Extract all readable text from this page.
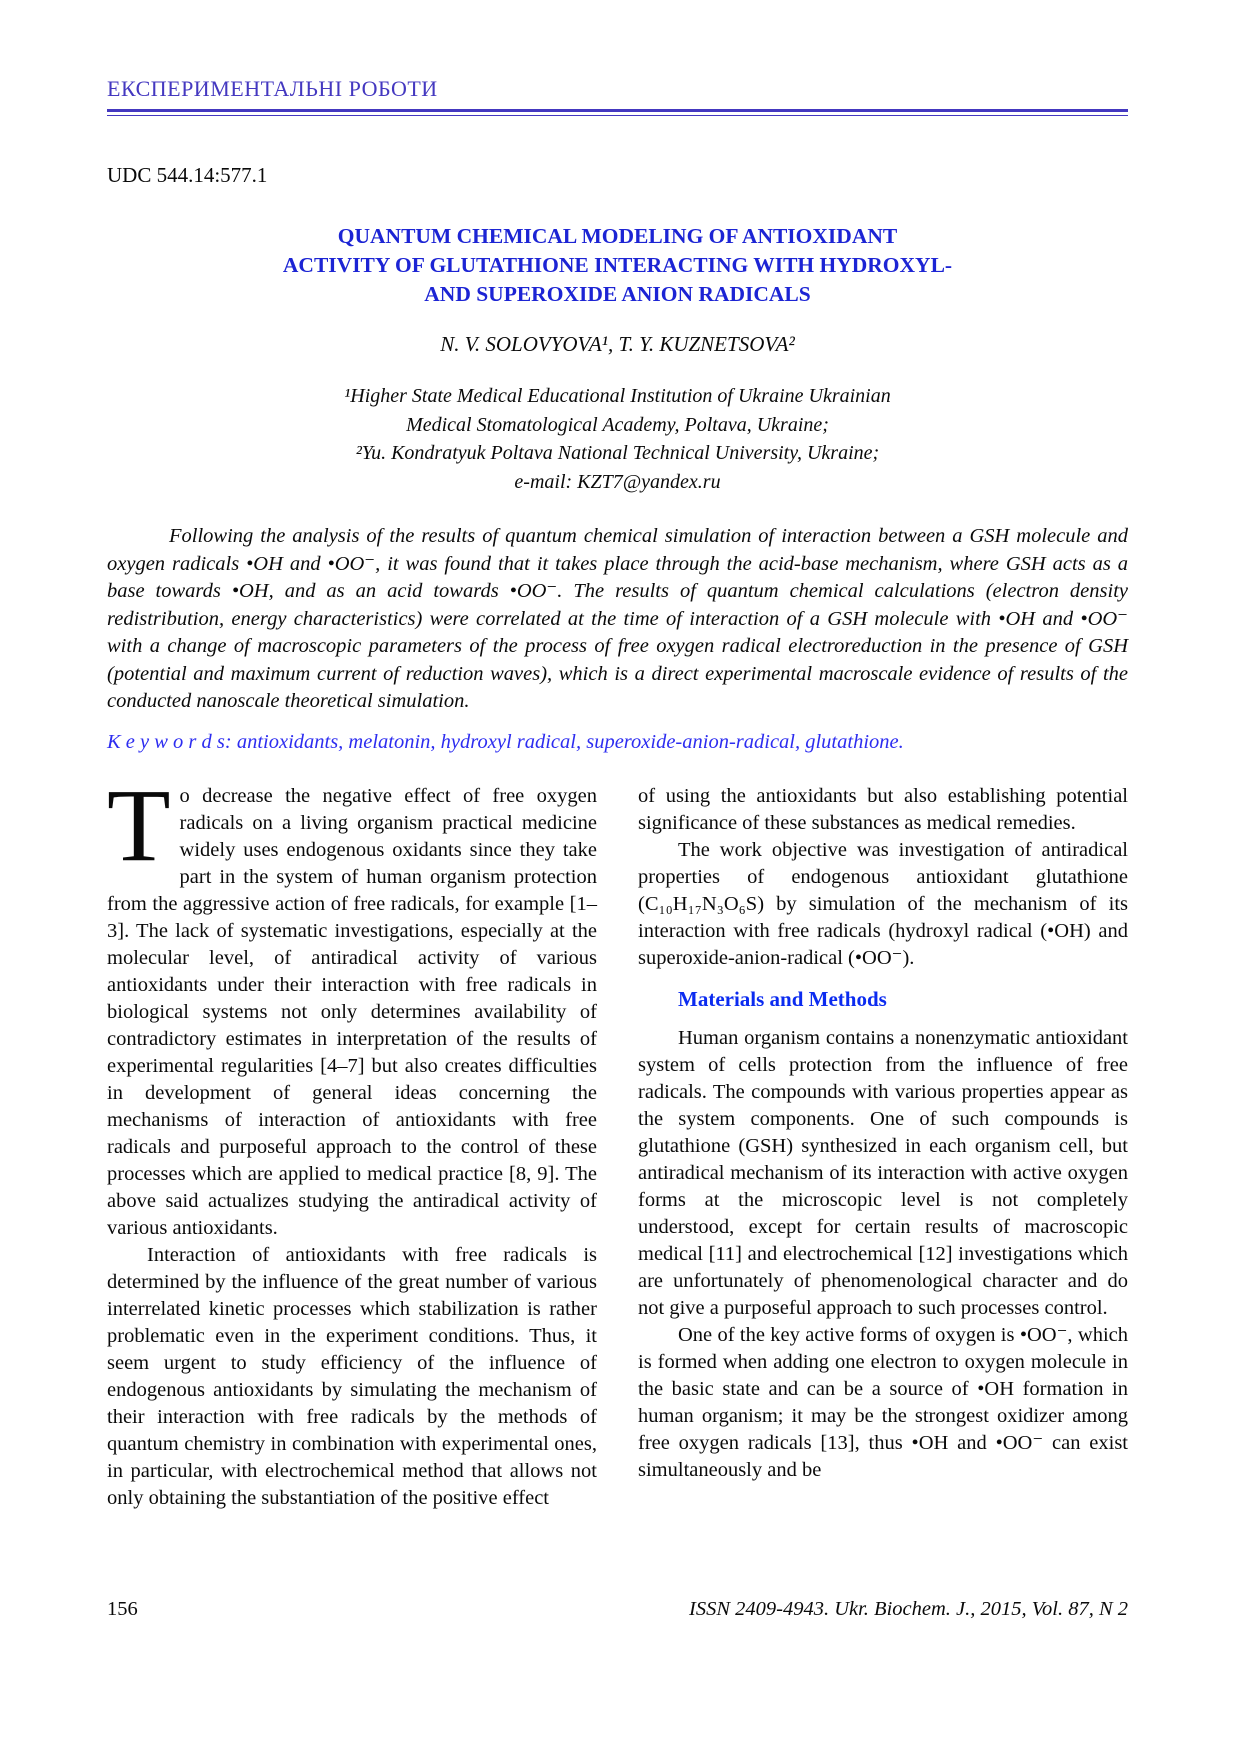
ЕКСПЕРИМЕНТАЛЬНІ РОБОТИ
UDC 544.14:577.1
QUANTUM CHEMICAL MODELING OF ANTIOXIDANT
ACTIVITY OF GLUTATHIONE INTERACTING WITH HYDROXYL-
AND SUPEROXIDE ANION RADICALS
N. V. SOLOVYOVA¹, T. Y. KUZNETSOVA²
¹Higher State Medical Educational Institution of Ukraine Ukrainian
Medical Stomatological Academy, Poltava, Ukraine;
²Yu. Kondratyuk Poltava National Technical University, Ukraine;
e-mail: KZT7@yandex.ru

Following the analysis of the results of quantum chemical simulation of interaction between a GSH molecule and oxygen radicals •OH and •OO⁻, it was found that it takes place through the acid-base mechanism, where GSH acts as a base towards •OH, and as an acid towards •OO⁻. The results of quantum chemical calculations (electron density redistribution, energy characteristics) were correlated at the time of interaction of a GSH molecule with •OH and •OO⁻ with a change of macroscopic parameters of the process of free oxygen radical electroreduction in the presence of GSH (potential and maximum current of reduction waves), which is a direct experimental macroscale evidence of results of the conducted nanoscale theoretical simulation.

K e y w o r d s: antioxidants, melatonin, hydroxyl radical, superoxide-anion-radical, glutathione.

To decrease the negative effect of free oxygen radicals on a living organism practical medicine widely uses endogenous oxidants since they take part in the system of human organism protection from the aggressive action of free radicals, for example [1–3]. The lack of systematic investigations, especially at the molecular level, of antiradical activity of various antioxidants under their interaction with free radicals in biological systems not only determines availability of contradictory estimates in interpretation of the results of experimental regularities [4–7] but also creates difficulties in development of general ideas concerning the mechanisms of interaction of antioxidants with free radicals and purposeful approach to the control of these processes which are applied to medical practice [8, 9]. The above said actualizes studying the antiradical activity of various antioxidants.

Interaction of antioxidants with free radicals is determined by the influence of the great number of various interrelated kinetic processes which stabilization is rather problematic even in the experiment conditions. Thus, it seem urgent to study efficiency of the influence of endogenous antioxidants by simulating the mechanism of their interaction with free radicals by the methods of quantum chemistry in combination with experimental ones, in particular, with electrochemical method that allows not only obtaining the substantiation of the positive effect

of using the antioxidants but also establishing potential significance of these substances as medical remedies.

The work objective was investigation of antiradical properties of endogenous antioxidant glutathione (C₁₀H₁₇N₃O₆S) by simulation of the mechanism of its interaction with free radicals (hydroxyl radical (•OH) and superoxide-anion-radical (•OO⁻).

Materials and Methods

Human organism contains a nonenzymatic antioxidant system of cells protection from the influence of free radicals. The compounds with various properties appear as the system components. One of such compounds is glutathione (GSH) synthesized in each organism cell, but antiradical mechanism of its interaction with active oxygen forms at the microscopic level is not completely understood, except for certain results of macroscopic medical [11] and electrochemical [12] investigations which are unfortunately of phenomenological character and do not give a purposeful approach to such processes control.

One of the key active forms of oxygen is •OO⁻, which is formed when adding one electron to oxygen molecule in the basic state and can be a source of •OH formation in human organism; it may be the strongest oxidizer among free oxygen radicals [13], thus •OH and •OO⁻ can exist simultaneously and be

156	ISSN 2409-4943. Ukr. Biochem. J., 2015, Vol. 87, N 2
